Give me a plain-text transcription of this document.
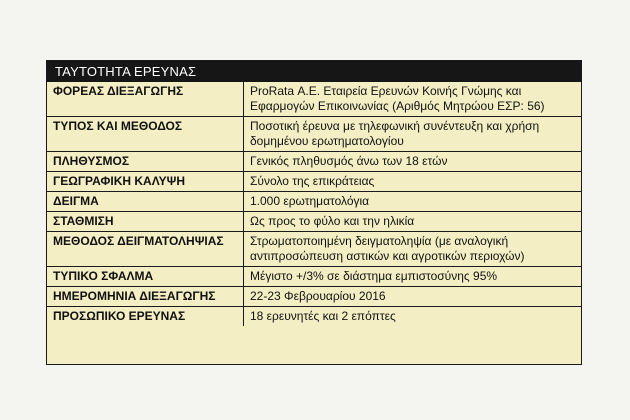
ΤΑΥΤΟΤΗΤΑ ΕΡΕΥΝΑΣ
ΦΟΡΕΑΣ ΔΙΕΞΑΓΩΓΗΣ	ProRata Α.Ε. Εταιρεία Ερευνών Κοινής Γνώμης και Εφαρμογών Επικοινωνίας (Αριθμός Μητρώου ΕΣΡ: 56)
ΤΥΠΟΣ ΚΑΙ ΜΕΘΟΔΟΣ	Ποσοτική έρευνα με τηλεφωνική συνέντευξη και χρήση δομημένου ερωτηματολογίου
ΠΛΗΘΥΣΜΟΣ	Γενικός πληθυσμός άνω των 18 ετών
ΓΕΩΓΡΑΦΙΚΗ ΚΑΛΥΨΗ	Σύνολο της επικράτειας
ΔΕΙΓΜΑ	1.000 ερωτηματολόγια
ΣΤΑΘΜΙΣΗ	Ως προς το φύλο και την ηλικία
ΜΕΘΟΔΟΣ ΔΕΙΓΜΑΤΟΛΗΨΙΑΣ	Στρωματοποιημένη δειγματοληψία (με αναλογική αντιπροσώπευση αστικών και αγροτικών περιοχών)
ΤΥΠΙΚΟ ΣΦΑΛΜΑ	Μέγιστο +/3% σε διάστημα εμπιστοσύνης 95%
ΗΜΕΡΟΜΗΝΙΑ ΔΙΕΞΑΓΩΓΗΣ	22-23 Φεβρουαρίου 2016
ΠΡΟΣΩΠΙΚΟ ΕΡΕΥΝΑΣ	18 ερευνητές και 2 επόπτες
